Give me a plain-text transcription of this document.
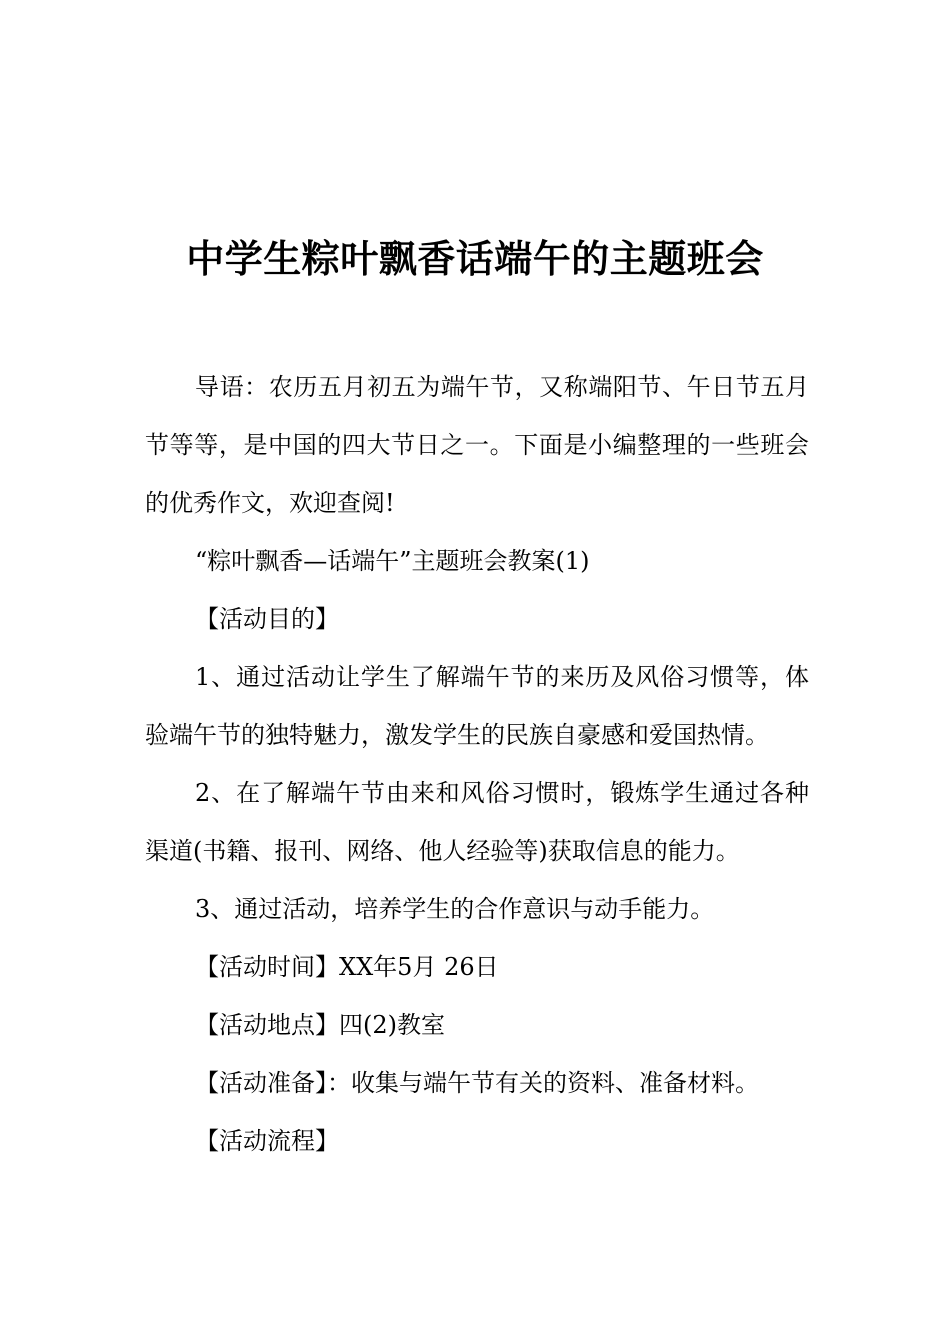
中学生粽叶飘香话端午的主题班会

导语：农历五月初五为端午节，又称端阳节、午日节五月节等等，是中国的四大节日之一。下面是小编整理的一些班会的优秀作文，欢迎查阅!

“粽叶飘香—话端午”主题班会教案(1)

【活动目的】

1、通过活动让学生了解端午节的来历及风俗习惯等，体验端午节的独特魅力，激发学生的民族自豪感和爱国热情。

2、在了解端午节由来和风俗习惯时，锻炼学生通过各种渠道(书籍、报刊、网络、他人经验等)获取信息的能力。

3、通过活动，培养学生的合作意识与动手能力。

【活动时间】XX年5月 26日

【活动地点】四(2)教室

【活动准备】：收集与端午节有关的资料、准备材料。

【活动流程】
